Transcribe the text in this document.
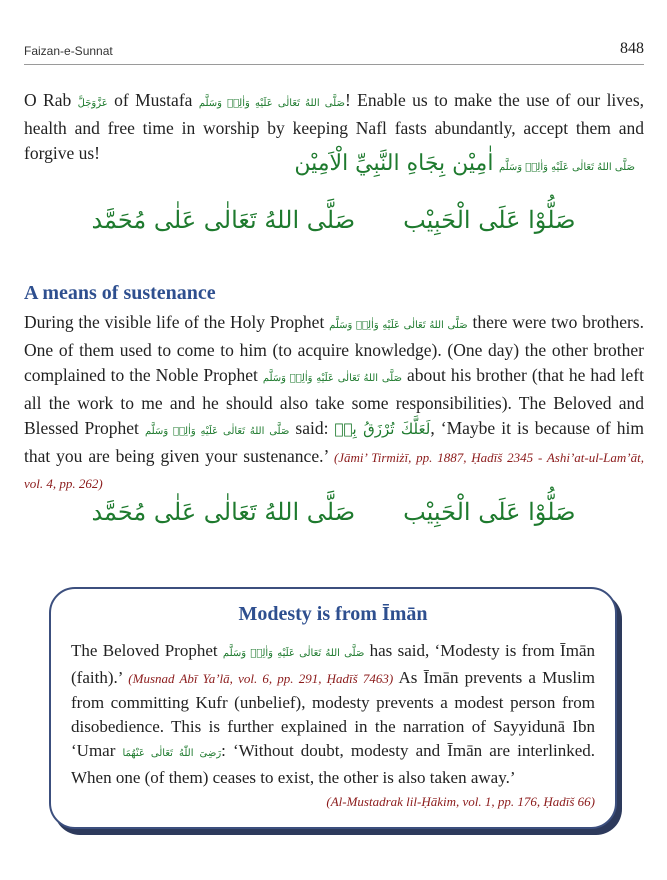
Faizan-e-Sunnat	848
O Rab عَزَّوَجَلَّ of Mustafa صَلَّى اللهُ تَعَالٰى عَلَيْهِ وَاٰلِهٖ وَسَلَّم! Enable us to make the use of our lives, health and free time in worship by keeping Nafl fasts abundantly, accept them and forgive us!
صَلَّى اللهُ تَعَالٰى عَلَيْهِ وَاٰلِهٖ وَسَلَّم اٰمِيْن بِجَاهِ النَّبِيِّ الْاَمِيْن
صَلَّى اللهُ تَعَالٰى عَلٰى مُحَمَّد صَلُّوْا عَلَى الْحَبِيْب
A means of sustenance
During the visible life of the Holy Prophet صَلَّى اللهُ تَعَالٰى عَلَيْهِ وَاٰلِهٖ وَسَلَّم there were two brothers. One of them used to come to him (to acquire knowledge). (One day) the other brother complained to the Noble Prophet صَلَّى اللهُ تَعَالٰى عَلَيْهِ وَاٰلِهٖ وَسَلَّم about his brother (that he had left all the work to me and he should also take some responsibilities). The Beloved and Blessed Prophet صَلَّى اللهُ تَعَالٰى عَلَيْهِ وَاٰلِهٖ وَسَلَّم said: لَعَلَّكَ تُرْزَقُ بِهٖ, ‘Maybe it is because of him that you are being given your sustenance.’ (Jāmi’ Tirmiżī, pp. 1887, Ḥadīš 2345 - Ashi’at-ul-Lam’āt, vol. 4, pp. 262)
صَلَّى اللهُ تَعَالٰى عَلٰى مُحَمَّد صَلُّوْا عَلَى الْحَبِيْب
Modesty is from Īmān
The Beloved Prophet صَلَّى اللهُ تَعَالٰى عَلَيْهِ وَاٰلِهٖ وَسَلَّم has said, ‘Modesty is from Īmān (faith).’ (Musnad Abī Ya’lā, vol. 6, pp. 291, Ḥadīš 7463) As Īmān prevents a Muslim from committing Kufr (unbelief), modesty prevents a modest person from disobedience. This is further explained in the narration of Sayyidunā Ibn ‘Umar رَضِىَ اللّٰهُ تَعَالٰى عَنْهُمَا: ‘Without doubt, modesty and Īmān are interlinked. When one (of them) ceases to exist, the other is also taken away.’
(Al-Mustadrak lil-Ḥākim, vol. 1, pp. 176, Ḥadīš 66)
